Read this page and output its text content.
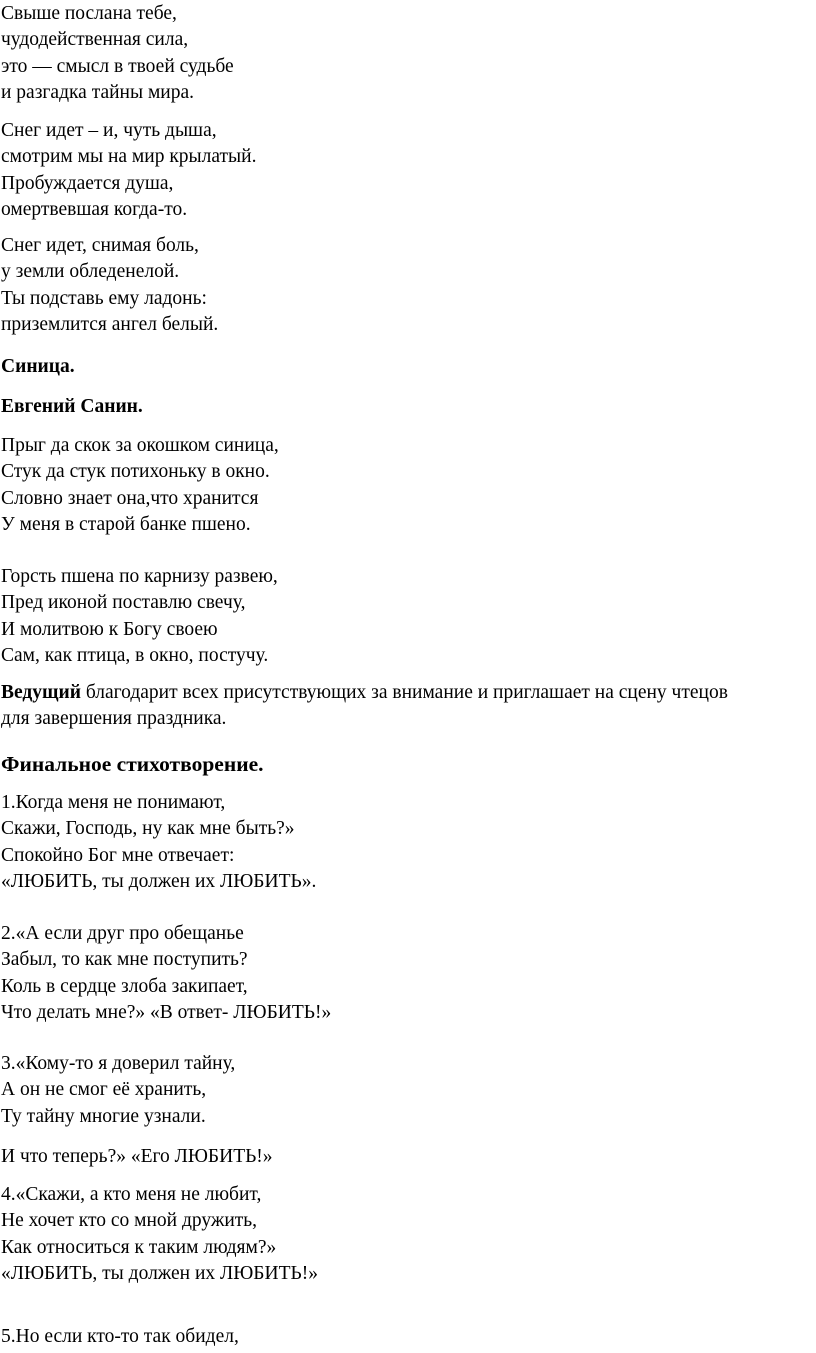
Свыше послана тебе,
чудодейственная сила,
это — смысл в твоей судьбе
и разгадка тайны мира.
Снег идет – и, чуть дыша,
смотрим мы на мир крылатый.
Пробуждается душа,
омертвевшая когда-то.
Снег идет, снимая боль,
у земли обледенелой.
Ты подставь ему ладонь:
приземлится ангел белый.
Синица.
Евгений Санин.
Прыг да скок за окошком синица,
Стук да стук потихоньку в окно.
Словно знает она,что хранится
У меня в старой банке пшено.
Горсть пшена по карнизу развею,
Пред иконой поставлю свечу,
И молитвою к Богу своею
Сам, как птица, в окно, постучу.
Ведущий благодарит всех присутствующих за внимание и приглашает на сцену чтецов
для завершения праздника.
Финальное стихотворение.
1.Когда меня не понимают,
Скажи, Господь, ну как мне быть?»
Спокойно Бог мне отвечает:
«ЛЮБИТЬ, ты должен их ЛЮБИТЬ».
2.«А если друг про обещанье
Забыл, то как мне поступить?
Коль в сердце злоба закипает,
Что делать мне?» «В ответ- ЛЮБИТЬ!»
3.«Кому-то я доверил тайну,
А он не смог её хранить,
Ту тайну многие узнали.
И что теперь?» «Его ЛЮБИТЬ!»
4.«Скажи, а кто меня не любит,
Не хочет кто со мной дружить,
Как относиться к таким людям?»
«ЛЮБИТЬ, ты должен их ЛЮБИТЬ!»
5.Но если кто-то так обидел,
